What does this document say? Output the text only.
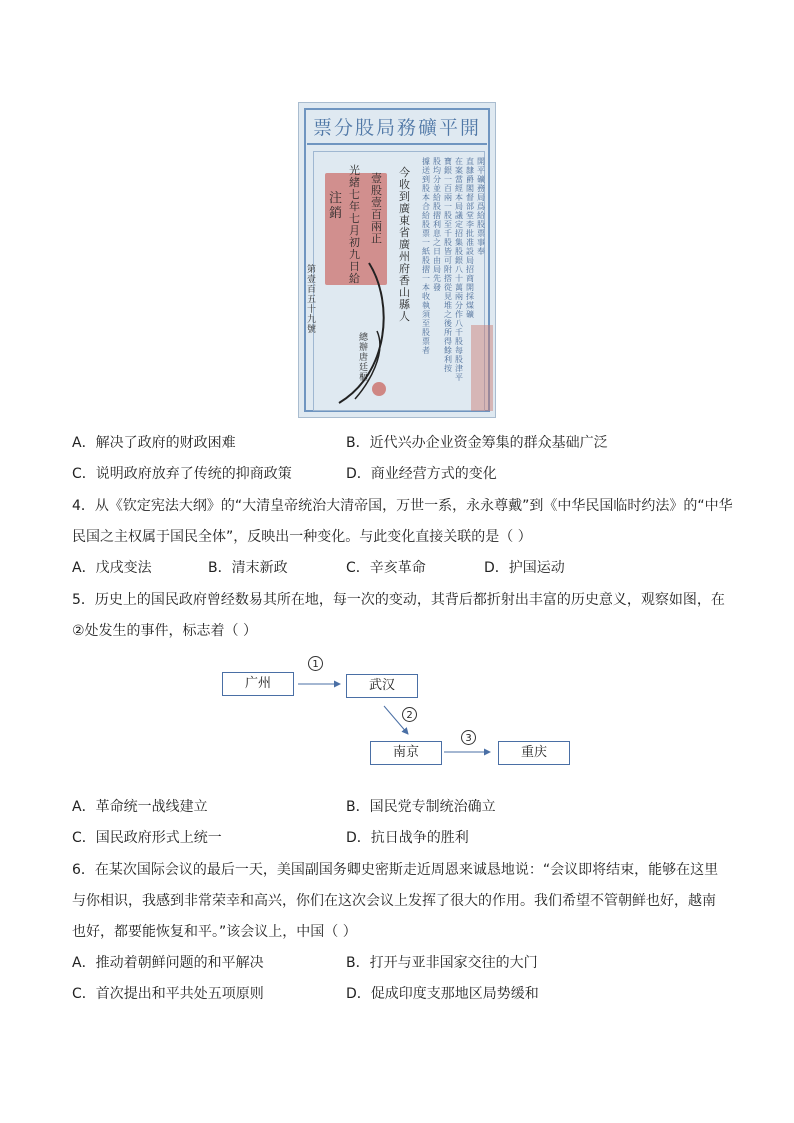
票分股局務礦平開
開平礦務局 爲給股票事奉
直隸爵閣督部堂李 批准設局招商開採煤礦
在案當經本局議定招集股銀八十萬兩分作八千股每股津平
寶銀一百兩一股至千股皆可附搭從見堆之後所得餘利按
股均分並給股摺利息之日由局先發
據送到股本合給股票一紙股摺一本收執須至股票者
今收到廣東省廣州府香山縣人
壹股 壹百兩正
光緒七年七月初九日給
注銷
第壹百五十九號
總辦唐廷樞
A．解决了政府的财政困难	B．近代兴办企业资金筹集的群众基础广泛
C．说明政府放弃了传统的抑商政策	D．商业经营方式的变化
4．从《钦定宪法大纲》的“大清皇帝统治大清帝国，万世一系，永永尊戴”到《中华民国临时约法》的“中华
民国之主权属于国民全体”，反映出一种变化。与此变化直接关联的是（ ）
A．戊戌变法	B．清末新政	C．辛亥革命	D．护国运动
5．历史上的国民政府曾经数易其所在地，每一次的变动，其背后都折射出丰富的历史意义，观察如图，在
②处发生的事件，标志着（ ）
广州	武汉
南京	重庆
1
2
3
A．革命统一战线建立	B．国民党专制统治确立
C．国民政府形式上统一	D．抗日战争的胜利
6．在某次国际会议的最后一天，美国副国务卿史密斯走近周恩来诚恳地说：“会议即将结束，能够在这里
与你相识，我感到非常荣幸和高兴，你们在这次会议上发挥了很大的作用。我们希望不管朝鲜也好，越南
也好，都要能恢复和平。”该会议上，中国（ ）
A．推动着朝鲜问题的和平解决	B．打开与亚非国家交往的大门
C．首次提出和平共处五项原则	D．促成印度支那地区局势缓和
